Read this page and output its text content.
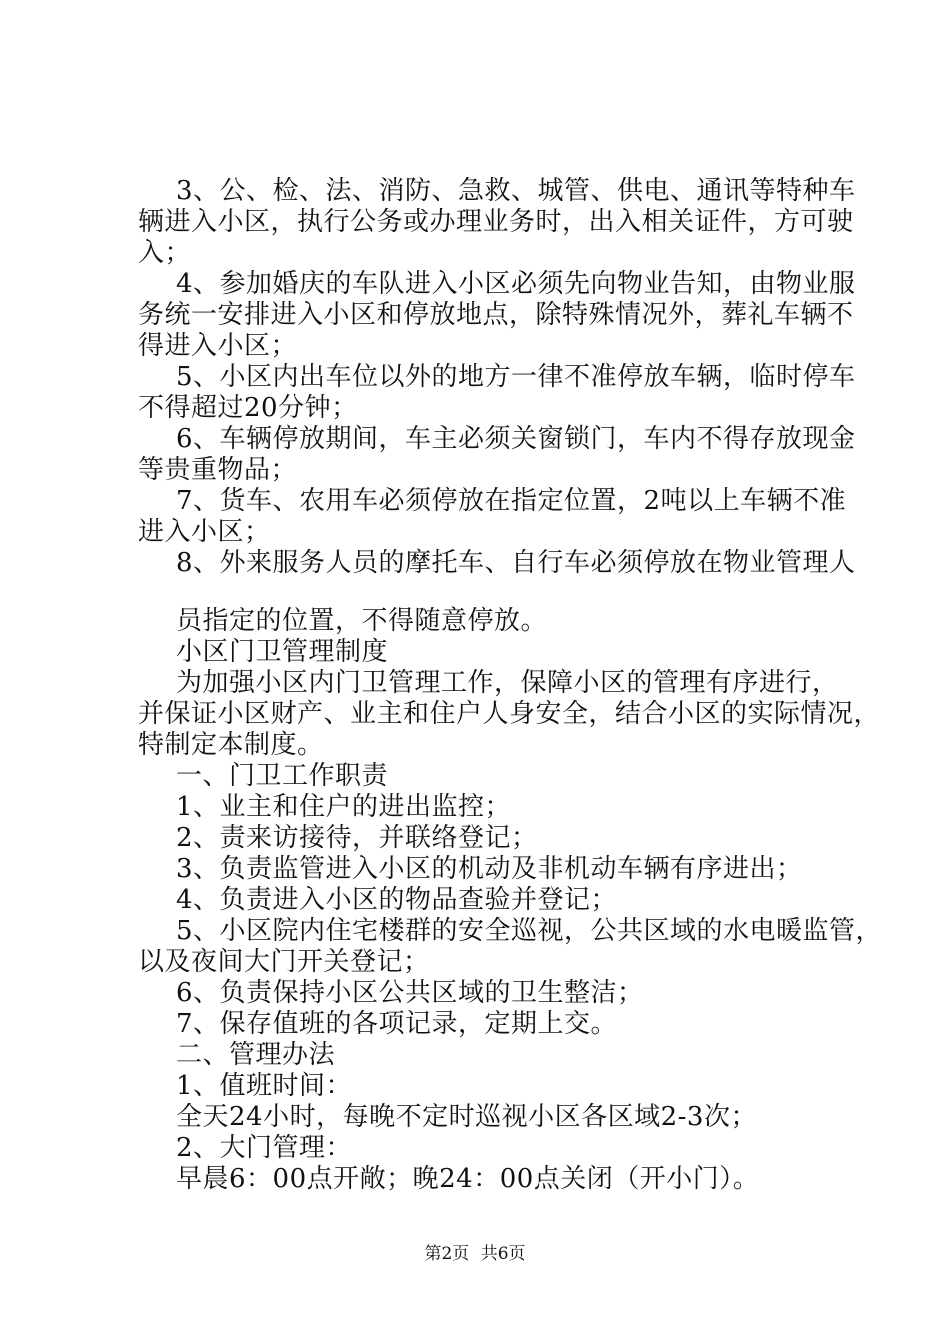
3、公、检、法、消防、急救、城管、供电、通讯等特种车
辆进入小区，执行公务或办理业务时，出入相关证件，方可驶
入；
4、参加婚庆的车队进入小区必须先向物业告知，由物业服
务统一安排进入小区和停放地点，除特殊情况外，葬礼车辆不
得进入小区；
5、小区内出车位以外的地方一律不准停放车辆，临时停车
不得超过20分钟；
6、车辆停放期间，车主必须关窗锁门，车内不得存放现金
等贵重物品；
7、货车、农用车必须停放在指定位置，2吨以上车辆不准
进入小区；
8、外来服务人员的摩托车、自行车必须停放在物业管理人
员指定的位置，不得随意停放。
小区门卫管理制度
为加强小区内门卫管理工作，保障小区的管理有序进行，
并保证小区财产、业主和住户人身安全，结合小区的实际情况，
特制定本制度。
一、门卫工作职责
1、业主和住户的进出监控；
2、责来访接待，并联络登记；
3、负责监管进入小区的机动及非机动车辆有序进出；
4、负责进入小区的物品查验并登记；
5、小区院内住宅楼群的安全巡视，公共区域的水电暖监管，
以及夜间大门开关登记；
6、负责保持小区公共区域的卫生整洁；
7、保存值班的各项记录，定期上交。
二、管理办法
1、值班时间：
全天24小时，每晚不定时巡视小区各区域2-3次；
2、大门管理：
早晨6：00点开敞；晚24：00点关闭（开小门）。
第2页 共6页
